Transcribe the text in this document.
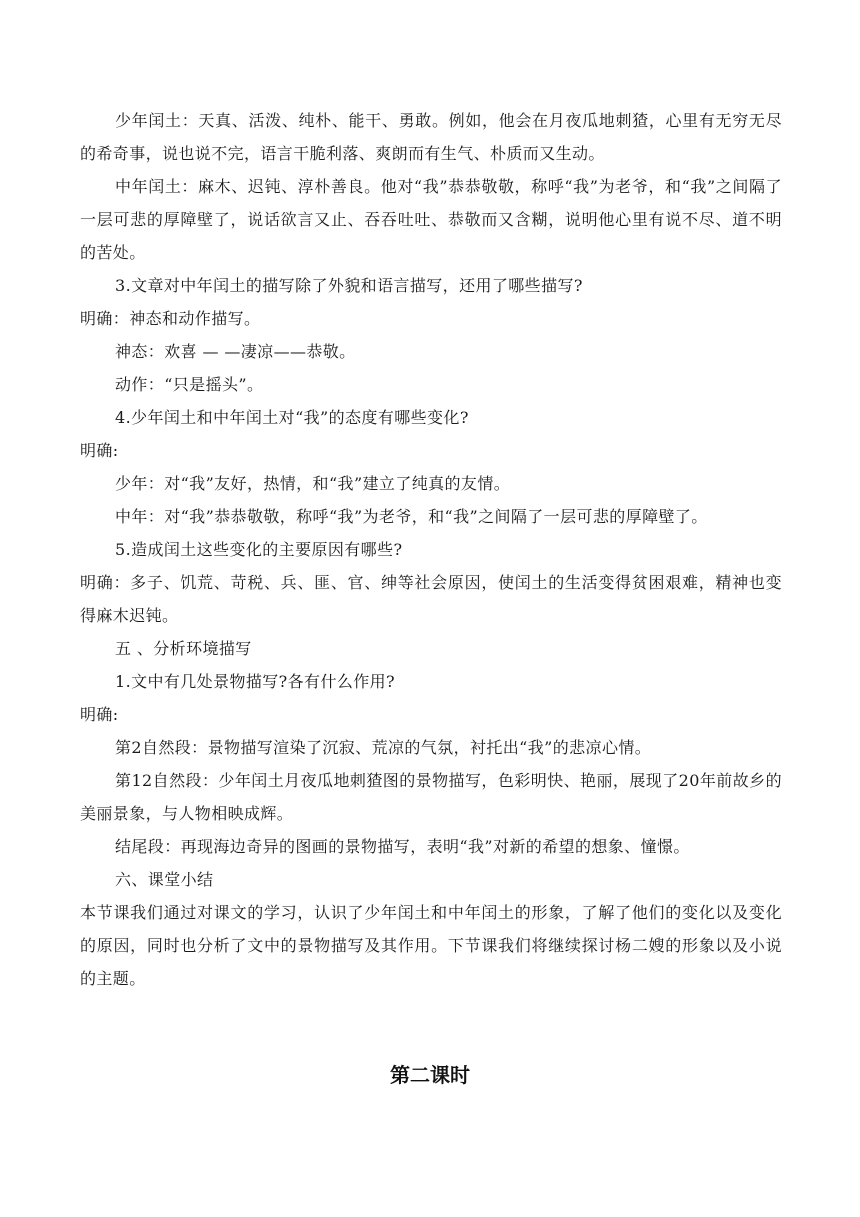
少年闰土：天真、活泼、纯朴、能干、勇敢。例如，他会在月夜瓜地刺猹，心里有无穷无尽的希奇事，说也说不完，语言干脆利落、爽朗而有生气、朴质而又生动。

中年闰土：麻木、迟钝、淳朴善良。他对“我”恭恭敬敬，称呼“我”为老爷，和“我”之间隔了一层可悲的厚障壁了，说话欲言又止、吞吞吐吐、恭敬而又含糊，说明他心里有说不尽、道不明的苦处。

3.文章对中年闰土的描写除了外貌和语言描写，还用了哪些描写?

明确：神态和动作描写。

神态：欢喜 — —凄凉——恭敬。

动作：“只是摇头”。

4.少年闰土和中年闰土对“我”的态度有哪些变化?

明确:

少年：对“我”友好，热情，和“我”建立了纯真的友情。

中年：对“我”恭恭敬敬，称呼“我”为老爷，和“我”之间隔了一层可悲的厚障壁了。

5.造成闰土这些变化的主要原因有哪些?

明确：多子、饥荒、苛税、兵、匪、官、绅等社会原因，使闰土的生活变得贫困艰难，精神也变得麻木迟钝。

五 、分析环境描写

1.文中有几处景物描写?各有什么作用?

明确:

第2自然段：景物描写渲染了沉寂、荒凉的气氛，衬托出“我”的悲凉心情。

第12自然段：少年闰土月夜瓜地刺猹图的景物描写，色彩明快、艳丽，展现了20年前故乡的美丽景象，与人物相映成辉。

结尾段：再现海边奇异的图画的景物描写，表明“我”对新的希望的想象、憧憬。

六、课堂小结

本节课我们通过对课文的学习，认识了少年闰土和中年闰土的形象，了解了他们的变化以及变化的原因，同时也分析了文中的景物描写及其作用。下节课我们将继续探讨杨二嫂的形象以及小说的主题。

第二课时
